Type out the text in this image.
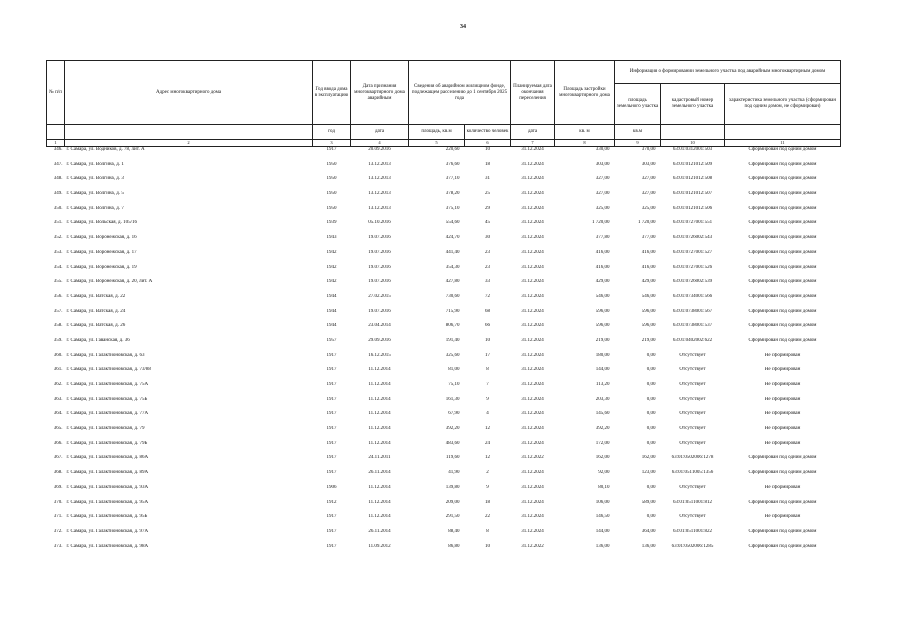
34
№ п/п	Адрес многоквартирного дома	Год ввода дома в эксплуатацию	Дата признания многоквартирного дома аварийным	Сведения об аварийном жилищном фонде, подлежащем расселению до 1 сентября 2025 года		Планируемая дата окончания переселения	Площадь застройки многоквартирного дома	Информация о формировании земельного участка под аварийным многоквартирным домом		
								площадь земельного участка	кадастровый номер земельного участка	характеристика земельного участка (сформирован под одним домом, не сформирован)
		год	дата	площадь, кв.м	количество человек	дата	кв. м	кв.м		
1	2	3	4	5	6	7	8	9	10	11
346.	г. Самара, ул. Водников, д. 78, лит. А	1917	20.09.2016	220,60	10	31.12.2024	330,00	370,00	63:01:0312001:503	Сформирован под одним домом
347.	г. Самара, ул. Волгина, д. 1	1950	13.12.2013	376,60	18	31.12.2024	303,00	303,00	63:01:0121012:509	Сформирован под одним домом
348.	г. Самара, ул. Волгина, д. 3	1950	13.12.2013	377,10	31	31.12.2024	327,00	327,00	63:01:0121012:508	Сформирован под одним домом
349.	г. Самара, ул. Волгина, д. 5	1950	13.12.2013	378,20	25	31.12.2024	327,00	327,00	63:01:0121012:507	Сформирован под одним домом
350.	г. Самара, ул. Волгина, д. 7	1950	13.12.2013	375,10	29	31.12.2024	325,00	325,00	63:01:0121012:506	Сформирован под одним домом
351.	г. Самара, ул. Вольская, д. 105/16	1939	05.10.2016	554,60	45	31.12.2024	1 720,00	1 720,00	63:01:0727001:551	Сформирован под одним домом
352.	г. Самара, ул. Воронежская, д. 16	1943	19.07.2016	424,70	30	31.12.2024	377,80	377,00	63:01:0726002:543	Сформирован под одним домом
353.	г. Самара, ул. Воронежская, д. 17	1942	19.07.2016	441,40	23	31.12.2024	416,00	416,00	63:01:0727001:527	Сформирован под одним домом
354.	г. Самара, ул. Воронежская, д. 19	1942	19.07.2016	354,30	23	31.12.2024	416,00	416,00	63:01:0727001:526	Сформирован под одним домом
355.	г. Самара, ул. Воронежская, д. 20, лит. А	1942	19.07.2016	427,80	33	31.12.2024	429,00	429,00	63:01:0726002:539	Сформирован под одним домом
356.	г. Самара, ул. Ватская, д. 22	1944	27.02.2015	730,60	72	31.12.2024	546,00	546,00	63:01:0734001:566	Сформирован под одним домом
357.	г. Самара, ул. Ватская, д. 24	1944	19.07.2016	715,90	68	31.12.2024	596,00	596,00	63:01:0738001:567	Сформирован под одним домом
358.	г. Самара, ул. Ватская, д. 26	1944	23.04.2014	806,70	66	31.12.2024	596,00	596,00	63:01:0738001:537	Сформирован под одним домом
359.	г. Самара, ул. Гаванская, д. 36	1957	29.09.2016	191,40	10	31.12.2024	219,00	219,00	63:01:0402002:622	Сформирован под одним домом
360.	г. Самара, ул. Галактионовская, д. 63	1917	16.12.2015	325,60	17	31.12.2024	180,00	0,00	Отсутствует	Не сформирован
361.	г. Самара, ул. Галактионовская, д. 73/88	1917	11.12.2014	81,00	8	31.12.2024	144,00	0,00	Отсутствует	Не сформирован
362.	г. Самара, ул. Галактионовская, д. 75А	1917	11.12.2014	75,10	7	31.12.2024	113,20	0,00	Отсутствует	Не сформирован
363.	г. Самара, ул. Галактионовская, д. 75Б	1917	11.12.2014	161,30	9	31.12.2024	203,30	0,00	Отсутствует	Не сформирован
364.	г. Самара, ул. Галактионовская, д. 77А	1917	11.12.2014	67,90	4	31.12.2024	145,60	0,00	Отсутствует	Не сформирован
365.	г. Самара, ул. Галактионовская, д. 79	1917	11.12.2014	392,20	12	31.12.2024	392,20	0,00	Отсутствует	Не сформирован
366.	г. Самара, ул. Галактионовская, д. 79Б	1917	11.12.2014	483,60	24	31.12.2024	172,00	0,00	Отсутствует	Не сформирован
367.	г. Самара, ул. Галактионовская, д. 86А	1917	24.11.2011	119,60	12	31.12.2022	162,00	162,00	63:01:0502006:1278	Сформирован под одним домом
368.	г. Самара, ул. Галактионовская, д. 89А	1917	26.11.2014	41,90	2	31.12.2024	92,00	123,00	63:01:0511005:1356	Сформирован под одним домом
369.	г. Самара, ул. Галактионовская, д. 93А	1906	11.12.2014	139,80	9	31.12.2024	80,10	0,00	Отсутствует	Не сформирован
370.	г. Самара, ул. Галактионовская, д. 95А	1912	11.12.2014	209,00	18	31.12.2024	106,00	589,00	63:01:0511001:812	Сформирован под одним домом
371.	г. Самара, ул. Галактионовская, д. 95Б	1917	11.12.2014	291,50	22	31.12.2024	146,50	0,00	Отсутствует	Не сформирован
372.	г. Самара, ул. Галактионовская, д. 97А	1917	26.11.2014	88,40	8	31.12.2024	144,00	364,00	63:01:0511001:822	Сформирован под одним домом
373.	г. Самара, ул. Галактионовская, д. 98А	1917	11.09.2012	86,80	10	31.12.2022	136,00	136,00	63:01:0502006:1285	Сформирован под одним домом
